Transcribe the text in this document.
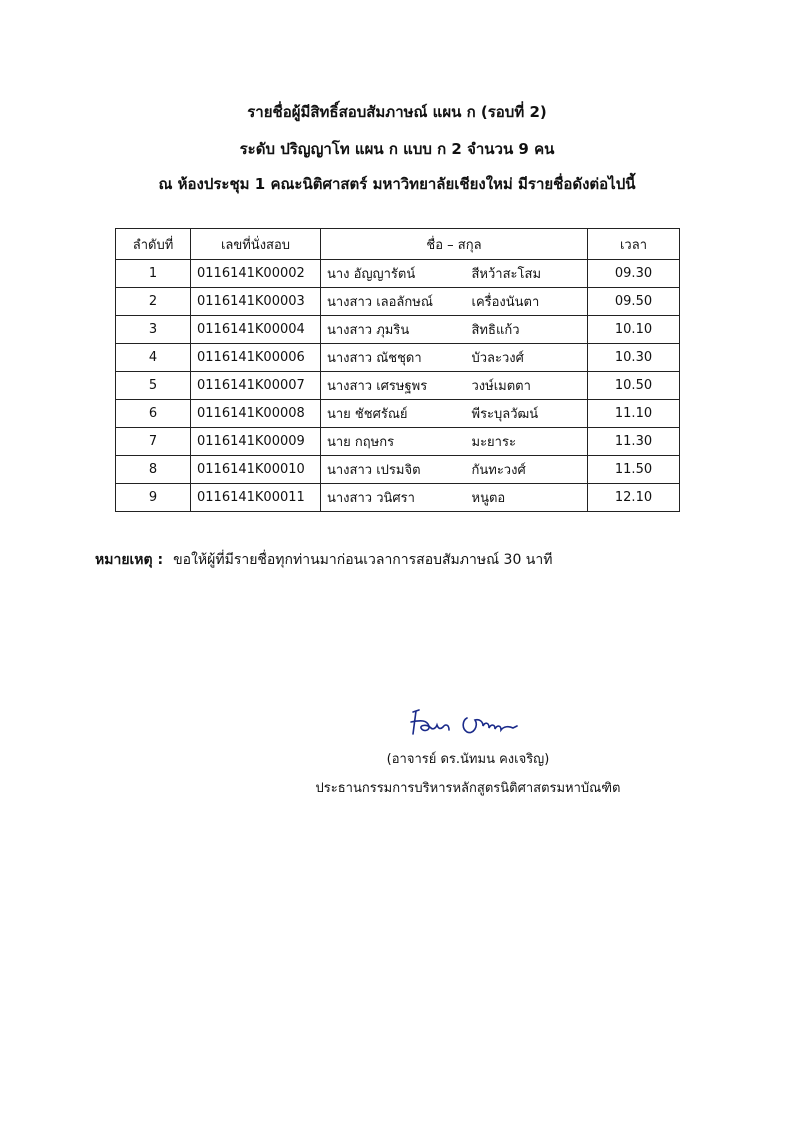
รายชื่อผู้มีสิทธิ์สอบสัมภาษณ์ แผน ก (รอบที่ 2)
ระดับ ปริญญาโท แผน ก แบบ ก 2 จำนวน 9 คน
ณ ห้องประชุม 1 คณะนิติศาสตร์ มหาวิทยาลัยเชียงใหม่ มีรายชื่อดังต่อไปนี้
ลำดับที่	เลขที่นั่งสอบ	ชื่อ – สกุล		เวลา
1	0116141K00002	นาง อัญญารัตน์	สีหว้าสะโสม	09.30
2	0116141K00003	นางสาว เลอลักษณ์	เครื่องนันตา	09.50
3	0116141K00004	นางสาว ภุมริน	สิทธิแก้ว	10.10
4	0116141K00006	นางสาว ณัชชุดา	บัวละวงศ์	10.30
5	0116141K00007	นางสาว เศรษฐพร	วงษ์เมตตา	10.50
6	0116141K00008	นาย ชัชศรัณย์	พีระบุลวัฒน์	11.10
7	0116141K00009	นาย กฤษกร	มะยาระ	11.30
8	0116141K00010	นางสาว เปรมจิต	กันทะวงศ์	11.50
9	0116141K00011	นางสาว วนิศรา	หนูตอ	12.10
หมายเหตุ : ขอให้ผู้ที่มีรายชื่อทุกท่านมาก่อนเวลาการสอบสัมภาษณ์ 30 นาที
(อาจารย์ ดร.นัทมน คงเจริญ)
ประธานกรรมการบริหารหลักสูตรนิติศาสตรมหาบัณฑิต
